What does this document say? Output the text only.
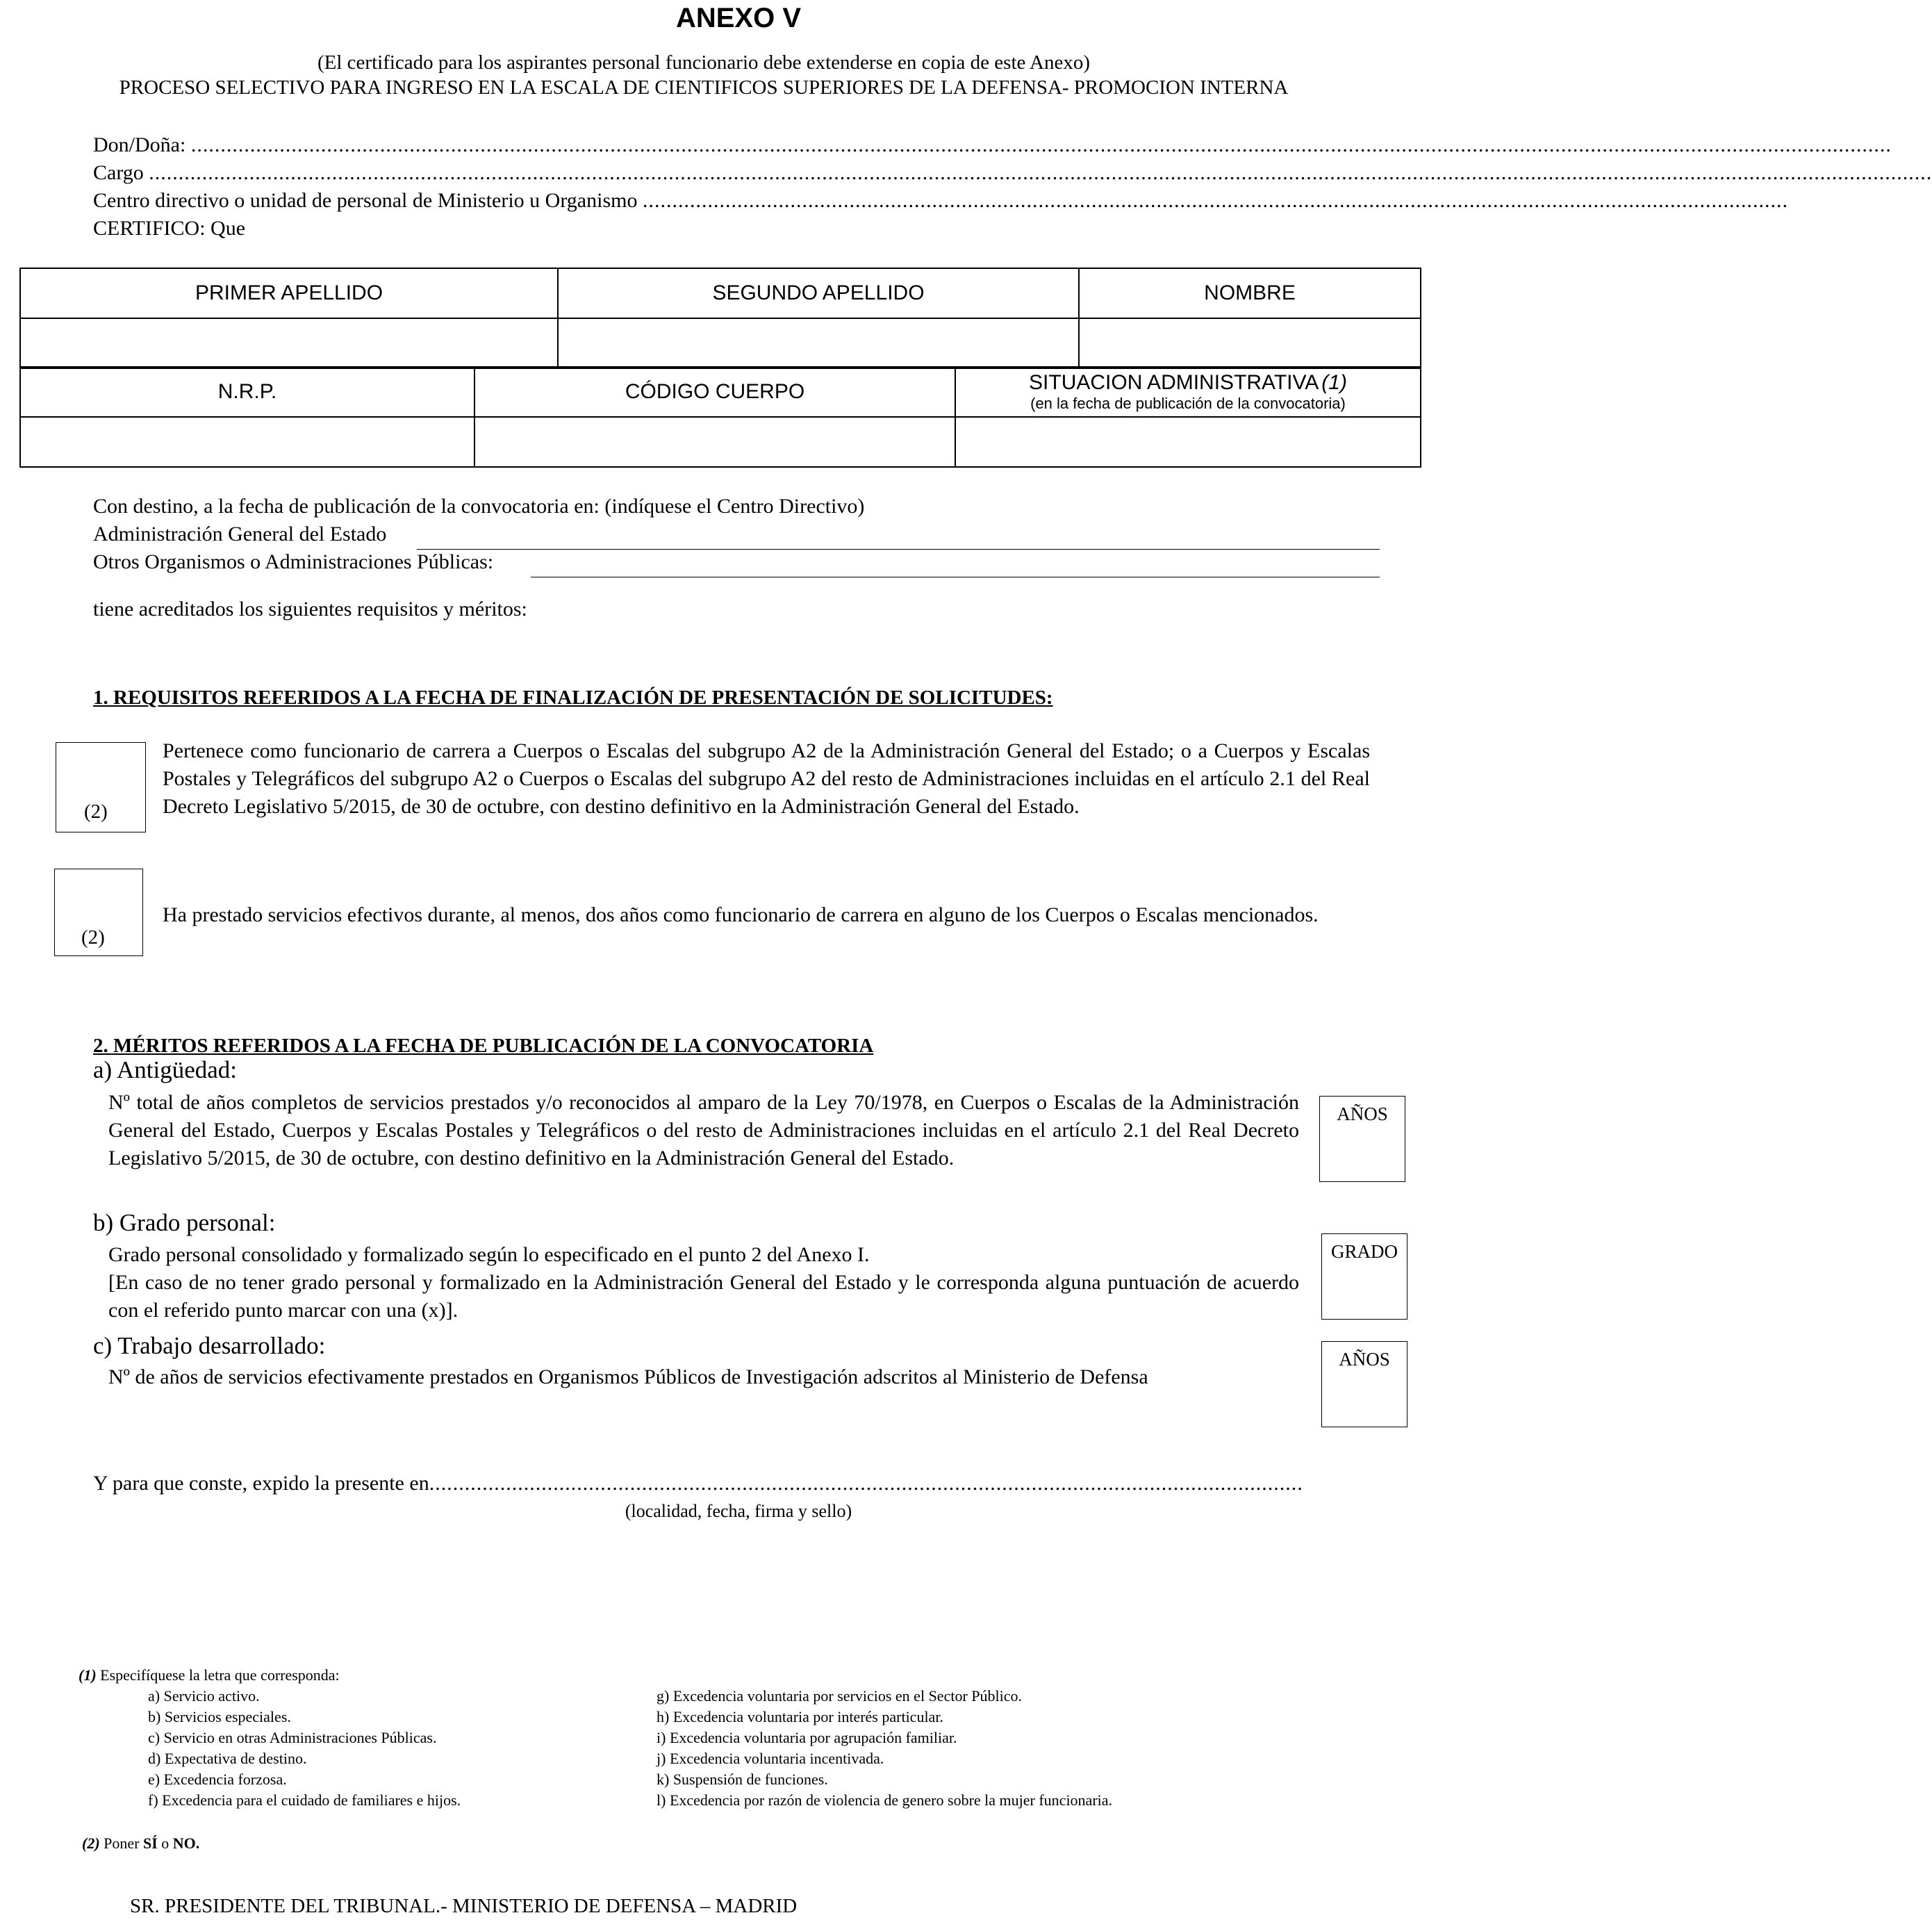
ANEXO V
(El certificado para los aspirantes personal funcionario debe extenderse en copia de este Anexo)
PROCESO SELECTIVO PARA INGRESO EN LA ESCALA DE CIENTIFICOS SUPERIORES DE LA DEFENSA- PROMOCION INTERNA
Don/Doña: ................................................................................................................................................................................................................................................................................................
Cargo ..............................................................................................................................................................................................................................................................................................................
Centro directivo o unidad de personal de Ministerio u Organismo ..................................................................................................................................................................................................
CERTIFICO: Que
PRIMER APELLIDO	SEGUNDO APELLIDO	NOMBRE

N.R.P.	CÓDIGO CUERPO	SITUACION ADMINISTRATIVA (1)
(en la fecha de publicación de la convocatoria)

Con destino, a la fecha de publicación de la convocatoria en: (indíquese el Centro Directivo)
Administración General del Estado
Otros Organismos o Administraciones Públicas:
tiene acreditados los siguientes requisitos y méritos:
1. REQUISITOS REFERIDOS A LA FECHA DE FINALIZACIÓN DE PRESENTACIÓN DE SOLICITUDES:
(2)
Pertenece como funcionario de carrera a Cuerpos o Escalas del subgrupo A2 de la Administración General del Estado; o a Cuerpos y Escalas Postales y Telegráficos del subgrupo A2 o Cuerpos o Escalas del subgrupo A2 del resto de Administraciones incluidas en el artículo 2.1 del Real Decreto Legislativo 5/2015, de 30 de octubre, con destino definitivo en la Administración General del Estado.
(2)
Ha prestado servicios efectivos durante, al menos, dos años como funcionario de carrera en alguno de los Cuerpos o Escalas mencionados.
2. MÉRITOS REFERIDOS A LA FECHA DE PUBLICACIÓN DE LA CONVOCATORIA
a) Antigüedad:
Nº total de años completos de servicios prestados y/o reconocidos al amparo de la Ley 70/1978, en Cuerpos o Escalas de la Administración General del Estado, Cuerpos y Escalas Postales y Telegráficos o del resto de Administraciones incluidas en el artículo 2.1 del Real Decreto Legislativo 5/2015, de 30 de octubre, con destino definitivo en la Administración General del Estado.
AÑOS
b) Grado personal:
Grado personal consolidado y formalizado según lo especificado en el punto 2 del Anexo I.
[En caso de no tener grado personal y formalizado en la Administración General del Estado y le corresponda alguna puntuación de acuerdo con el referido punto marcar con una (x)].
GRADO
c) Trabajo desarrollado:
Nº de años de servicios efectivamente prestados en Organismos Públicos de Investigación adscritos al Ministerio de Defensa
AÑOS
Y para que conste, expido la presente en....................................................................................................................................................
(localidad, fecha, firma y sello)
(1) Especifíquese la letra que corresponda:
a) Servicio activo.
b) Servicios especiales.
c) Servicio en otras Administraciones Públicas.
d) Expectativa de destino.
e) Excedencia forzosa.
f) Excedencia para el cuidado de familiares e hijos.
g) Excedencia voluntaria por servicios en el Sector Público.
h) Excedencia voluntaria por interés particular.
i) Excedencia voluntaria por agrupación familiar.
j) Excedencia voluntaria incentivada.
k) Suspensión de funciones.
l) Excedencia por razón de violencia de genero sobre la mujer funcionaria.
(2) Poner SÍ o NO.
SR. PRESIDENTE DEL TRIBUNAL.- MINISTERIO DE DEFENSA – MADRID
